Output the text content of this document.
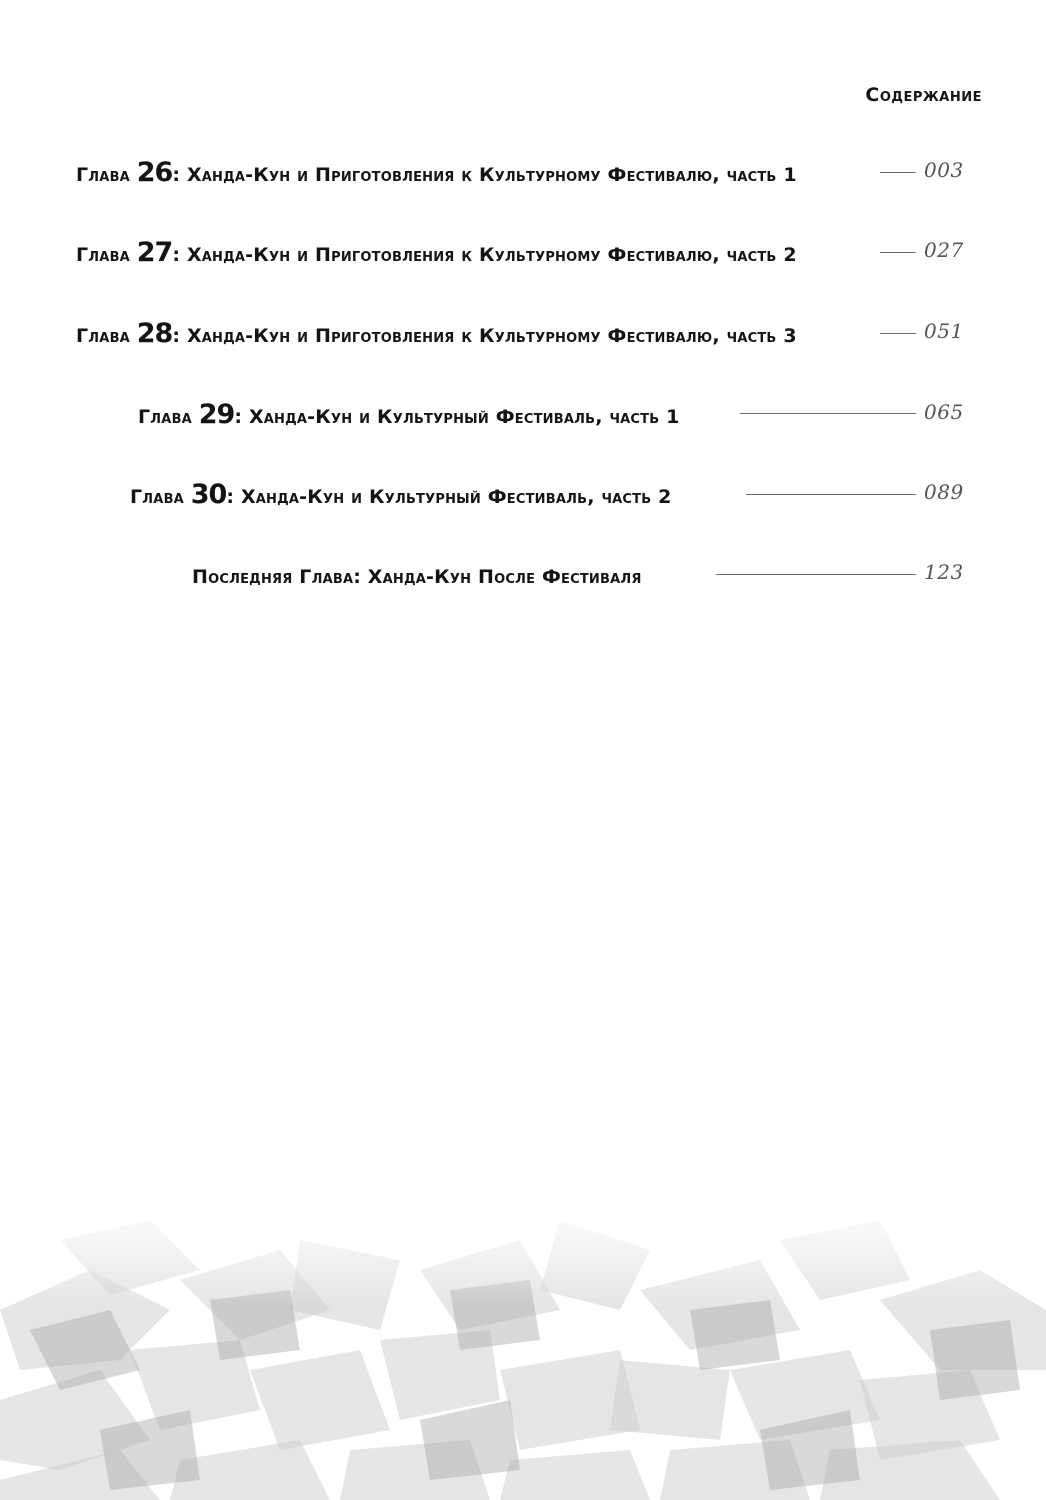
Содержание
Глава 26: Ханда-Кун и Приготовления к Культурному Фестивалю, часть 1	003
Глава 27: Ханда-Кун и Приготовления к Культурному Фестивалю, часть 2	027
Глава 28: Ханда-Кун и Приготовления к Культурному Фестивалю, часть 3	051
Глава 29: Ханда-Кун и Культурный Фестиваль, часть 1	065
Глава 30: Ханда-Кун и Культурный Фестиваль, часть 2	089
Последняя Глава: Ханда-Кун После Фестиваля	123
